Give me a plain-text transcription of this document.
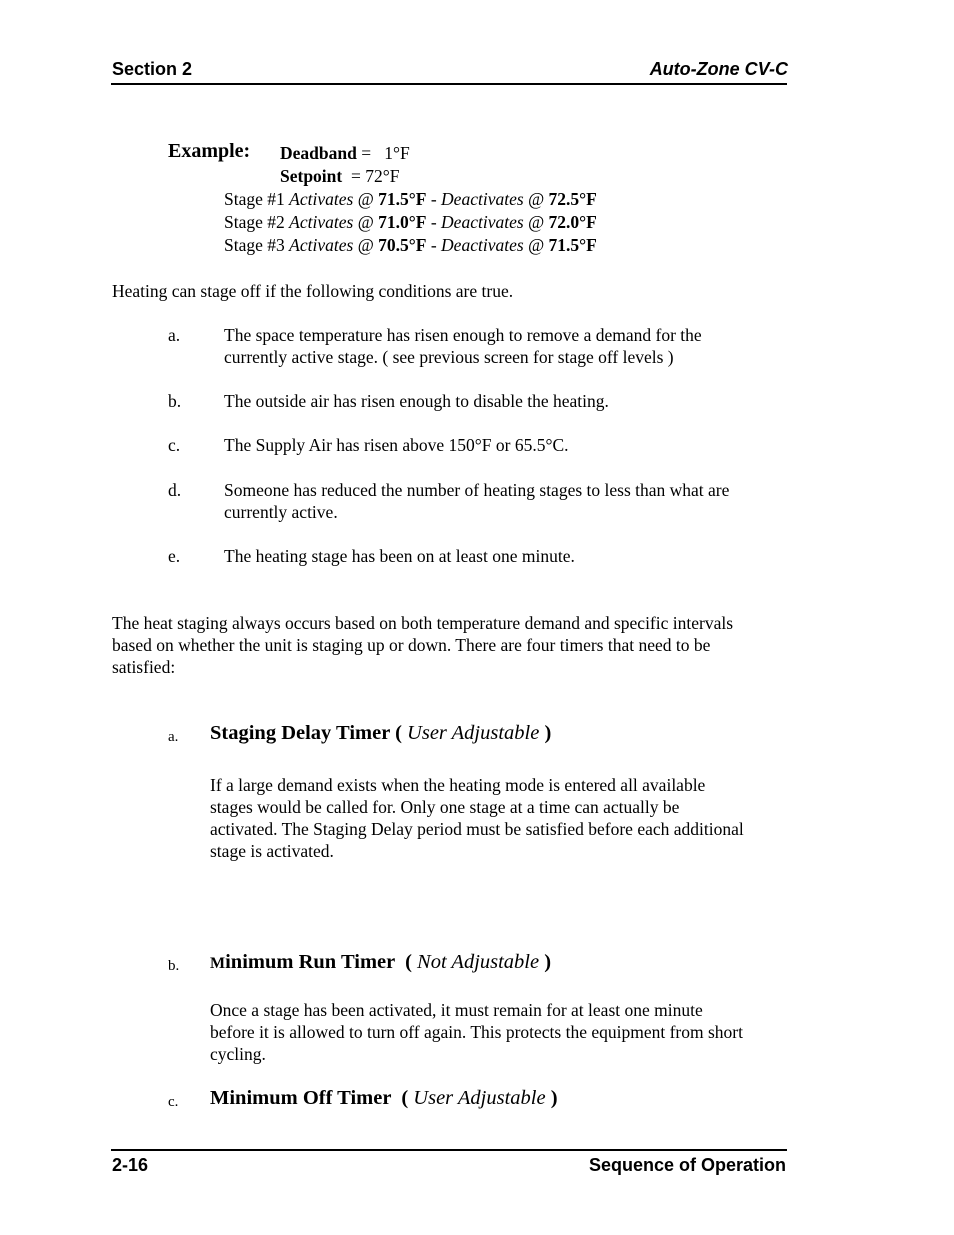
Section 2	Auto-Zone CV-C
Example: Deadband =   1°F
Setpoint  = 72°F
Stage #1 Activates @ 71.5°F - Deactivates @ 72.5°F
Stage #2 Activates @ 71.0°F - Deactivates @ 72.0°F
Stage #3 Activates @ 70.5°F - Deactivates @ 71.5°F
Heating can stage off if the following conditions are true.
a.	The space temperature has risen enough to remove a demand for the
currently active stage. ( see previous screen for stage off levels )
b. The outside air has risen enough to disable the heating.
c.	The Supply Air has risen above 150°F or 65.5°C.
d. Someone has reduced the number of heating stages to less than what are
currently active.
e.	The heating stage has been on at least one minute.
The heat staging always occurs based on both temperature demand and specific intervals
based on whether the unit is staging up or down. There are four timers that need to be
satisfied:
a. Staging Delay Timer ( User Adjustable )
If a large demand exists when the heating mode is entered all available
stages would be called for. Only one stage at a time can actually be
activated. The Staging Delay period must be satisfied before each additional
stage is activated.
b. Minimum Run Timer  ( Not Adjustable )
Once a stage has been activated, it must remain for at least one minute
before it is allowed to turn off again. This protects the equipment from short
cycling.
c. Minimum Off Timer  ( User Adjustable )
2-16	Sequence of Operation
